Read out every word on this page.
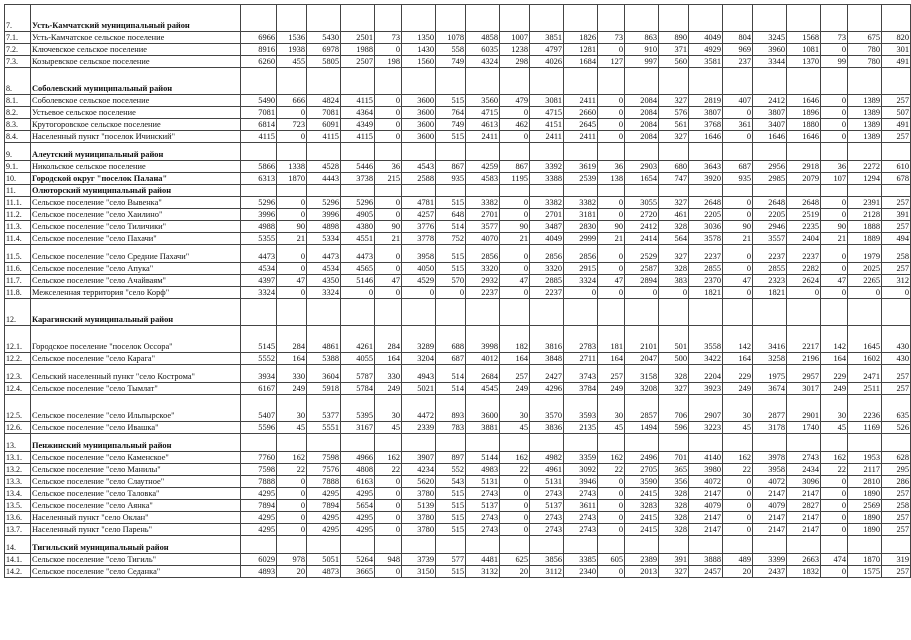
7.	Усть-Камчатский муниципальный район																					
7.1.	Усть-Камчатское сельское поселение	6966	1536	5430	2501	73	1350	1078	4858	1007	3851	1826	73	863	890	4049	804	3245	1568	73	675	820
7.2.	Ключевское сельское поселение	8916	1938	6978	1988	0	1430	558	6035	1238	4797	1281	0	910	371	4929	969	3960	1081	0	780	301
7.3.	Козыревское сельское поселение	6260	455	5805	2507	198	1560	749	4324	298	4026	1684	127	997	560	3581	237	3344	1370	99	780	491
8.	Соболевский муниципальный район																					
8.1.	Соболевское сельское поселение	5490	666	4824	4115	0	3600	515	3560	479	3081	2411	0	2084	327	2819	407	2412	1646	0	1389	257
8.2.	Устьевое сельское поселение	7081	0	7081	4364	0	3600	764	4715	0	4715	2660	0	2084	576	3807	0	3807	1896	0	1389	507
8.3.	Крутогоровское сельское поселение	6814	723	6091	4349	0	3600	749	4613	462	4151	2645	0	2084	561	3768	361	3407	1880	0	1389	491
8.4.	Населенный пункт "поселок Ичинский"	4115	0	4115	4115	0	3600	515	2411	0	2411	2411	0	2084	327	1646	0	1646	1646	0	1389	257
9.	Алеутский муниципальный район																					
9.1.	Никольское сельское поселение	5866	1338	4528	5446	36	4543	867	4259	867	3392	3619	36	2903	680	3643	687	2956	2918	36	2272	610
10.	Городской округ "поселок Палана"	6313	1870	4443	3738	215	2588	935	4583	1195	3388	2539	138	1654	747	3920	935	2985	2079	107	1294	678
11.	Олюторский муниципальный район																					
11.1.	Сельское поселение "село Вывенка"	5296	0	5296	5296	0	4781	515	3382	0	3382	3382	0	3055	327	2648	0	2648	2648	0	2391	257
11.2.	Сельское поселение "село Хаилино"	3996	0	3996	4905	0	4257	648	2701	0	2701	3181	0	2720	461	2205	0	2205	2519	0	2128	391
11.3.	Сельское поселение "село Тиличики"	4988	90	4898	4380	90	3776	514	3577	90	3487	2830	90	2412	328	3036	90	2946	2235	90	1888	257
11.4.	Сельское поселение "село Пахачи"	5355	21	5334	4551	21	3778	752	4070	21	4049	2999	21	2414	564	3578	21	3557	2404	21	1889	494
11.5.	Сельское поселение "село Средние Пахачи"	4473	0	4473	4473	0	3958	515	2856	0	2856	2856	0	2529	327	2237	0	2237	2237	0	1979	258
11.6.	Сельское поселение "село Апука"	4534	0	4534	4565	0	4050	515	3320	0	3320	2915	0	2587	328	2855	0	2855	2282	0	2025	257
11.7.	Сельское поселение "село Ачайваям"	4397	47	4350	5146	47	4529	570	2932	47	2885	3324	47	2894	383	2370	47	2323	2624	47	2265	312
11.8.	Межселенная территория "село Корф"	3324	0	3324	0	0	0	0	2237	0	2237	0	0	0	0	1821	0	1821	0	0	0	0
12.	Карагинский муниципальный район																					
12.1.	Городское поселение "поселок Оссора"	5145	284	4861	4261	284	3289	688	3998	182	3816	2783	181	2101	501	3558	142	3416	2217	142	1645	430
12.2.	Сельское поселение "село Карага"	5552	164	5388	4055	164	3204	687	4012	164	3848	2711	164	2047	500	3422	164	3258	2196	164	1602	430
12.3.	Сельский населенный пункт "село Кострома"	3934	330	3604	5787	330	4943	514	2684	257	2427	3743	257	3158	328	2204	229	1975	2957	229	2471	257
12.4.	Сельское поселение "село Тымлат"	6167	249	5918	5784	249	5021	514	4545	249	4296	3784	249	3208	327	3923	249	3674	3017	249	2511	257
12.5.	Сельское поселение "село Ильпырское"	5407	30	5377	5395	30	4472	893	3600	30	3570	3593	30	2857	706	2907	30	2877	2901	30	2236	635
12.6.	Сельское поселение "село Ивашка"	5596	45	5551	3167	45	2339	783	3881	45	3836	2135	45	1494	596	3223	45	3178	1740	45	1169	526
13.	Пенжинский муниципальный район																					
13.1.	Сельское поселение "село Каменское"	7760	162	7598	4966	162	3907	897	5144	162	4982	3359	162	2496	701	4140	162	3978	2743	162	1953	628
13.2.	Сельское поселение "село Манилы"	7598	22	7576	4808	22	4234	552	4983	22	4961	3092	22	2705	365	3980	22	3958	2434	22	2117	295
13.3.	Сельское поселение "село Слаутное"	7888	0	7888	6163	0	5620	543	5131	0	5131	3946	0	3590	356	4072	0	4072	3096	0	2810	286
13.4.	Сельское поселение "село Таловка"	4295	0	4295	4295	0	3780	515	2743	0	2743	2743	0	2415	328	2147	0	2147	2147	0	1890	257
13.5.	Сельское поселение "село Аянка"	7894	0	7894	5654	0	5139	515	5137	0	5137	3611	0	3283	328	4079	0	4079	2827	0	2569	258
13.6.	Населенный пункт "село Оклан"	4295	0	4295	4295	0	3780	515	2743	0	2743	2743	0	2415	328	2147	0	2147	2147	0	1890	257
13.7.	Населенный пункт "село Парень"	4295	0	4295	4295	0	3780	515	2743	0	2743	2743	0	2415	328	2147	0	2147	2147	0	1890	257
14.	Тигильский муниципальный район																					
14.1.	Сельское поселение "село Тигиль"	6029	978	5051	5264	948	3739	577	4481	625	3856	3385	605	2389	391	3888	489	3399	2663	474	1870	319
14.2.	Сельское поселение "село Седанка"	4893	20	4873	3665	0	3150	515	3132	20	3112	2340	0	2013	327	2457	20	2437	1832	0	1575	257
